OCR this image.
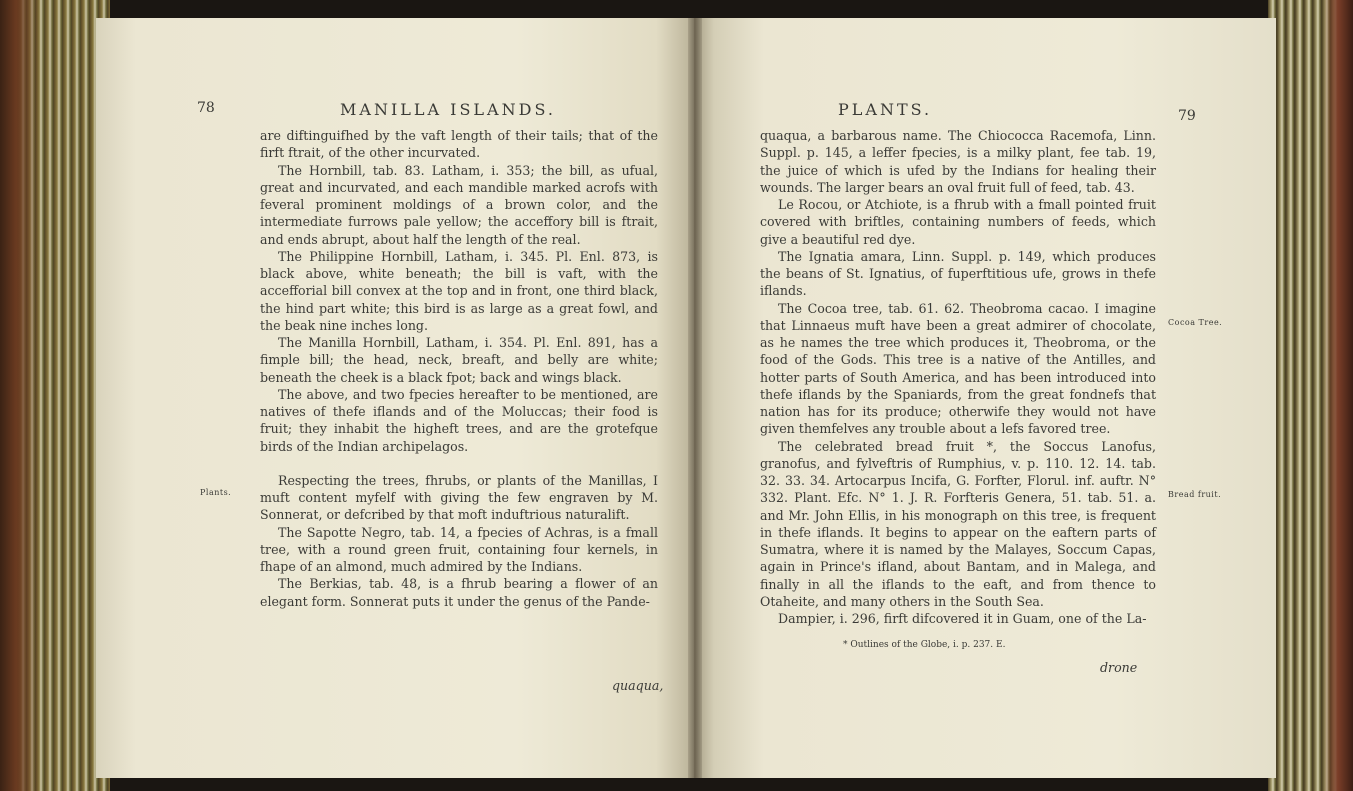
78	MANILLA ISLANDS.

are diftinguifhed by the vaft length of their tails; that of the firft ftrait, of the other incurvated.

The Hornbill, tab. 83. Latham, i. 353; the bill, as ufual, great and incurvated, and each mandible marked acrofs with feveral prominent moldings of a brown color, and the intermediate furrows pale yellow; the acceffory bill is ftrait, and ends abrupt, about half the length of the real.

The Philippine Hornbill, Latham, i. 345. Pl. Enl. 873, is black above, white beneath; the bill is vaft, with the accefforial bill convex at the top and in front, one third black, the hind part white; this bird is as large as a great fowl, and the beak nine inches long.

The Manilla Hornbill, Latham, i. 354. Pl. Enl. 891, has a fimple bill; the head, neck, breaft, and belly are white; beneath the cheek is a black fpot; back and wings black.

The above, and two fpecies hereafter to be mentioned, are natives of thefe iflands and of the Moluccas; their food is fruit; they inhabit the higheft trees, and are the grotefque birds of the Indian archipelagos.

Respecting the trees, fhrubs, or plants of the Manillas, I muft content myfelf with giving the few engraven by M. Sonnerat, or defcribed by that moft induftrious naturalift.

The Sapotte Negro, tab. 14, a fpecies of Achras, is a fmall tree, with a round green fruit, containing four kernels, in fhape of an almond, much admired by the Indians.

The Berkias, tab. 48, is a fhrub bearing a flower of an elegant form. Sonnerat puts it under the genus of the Pande-

Plants.
quaqua,
PLANTS.	79

quaqua, a barbarous name. The Chiococca Racemofa, Linn. Suppl. p. 145, a leffer fpecies, is a milky plant, fee tab. 19, the juice of which is ufed by the Indians for healing their wounds. The larger bears an oval fruit full of feed, tab. 43.

Le Rocou, or Atchiote, is a fhrub with a fmall pointed fruit covered with briftles, containing numbers of feeds, which give a beautiful red dye.

The Ignatia amara, Linn. Suppl. p. 149, which produces the beans of St. Ignatius, of fuperftitious ufe, grows in thefe iflands.

The Cocoa tree, tab. 61. 62. Theobroma cacao. I imagine that Linnaeus muft have been a great admirer of chocolate, as he names the tree which produces it, Theobroma, or the food of the Gods. This tree is a native of the Antilles, and hotter parts of South America, and has been introduced into thefe iflands by the Spaniards, from the great fondnefs that nation has for its produce; otherwife they would not have given themfelves any trouble about a lefs favored tree.

The celebrated bread fruit *, the Soccus Lanofus, granofus, and fylveftris of Rumphius, v. p. 110. 12. 14. tab. 32. 33. 34. Artocarpus Incifa, G. Forfter, Florul. inf. auftr. N° 332. Plant. Efc. N° 1. J. R. Forfteris Genera, 51. tab. 51. a. and Mr. John Ellis, in his monograph on this tree, is frequent in thefe iflands. It begins to appear on the eaftern parts of Sumatra, where it is named by the Malayes, Soccum Capas, again in Prince's ifland, about Bantam, and in Malega, and finally in all the iflands to the eaft, and from thence to Otaheite, and many others in the South Sea.

Dampier, i. 296, firft difcovered it in Guam, one of the La-

Cocoa Tree.
Bread fruit.
* Outlines of the Globe, i. p. 237. E.
drone
